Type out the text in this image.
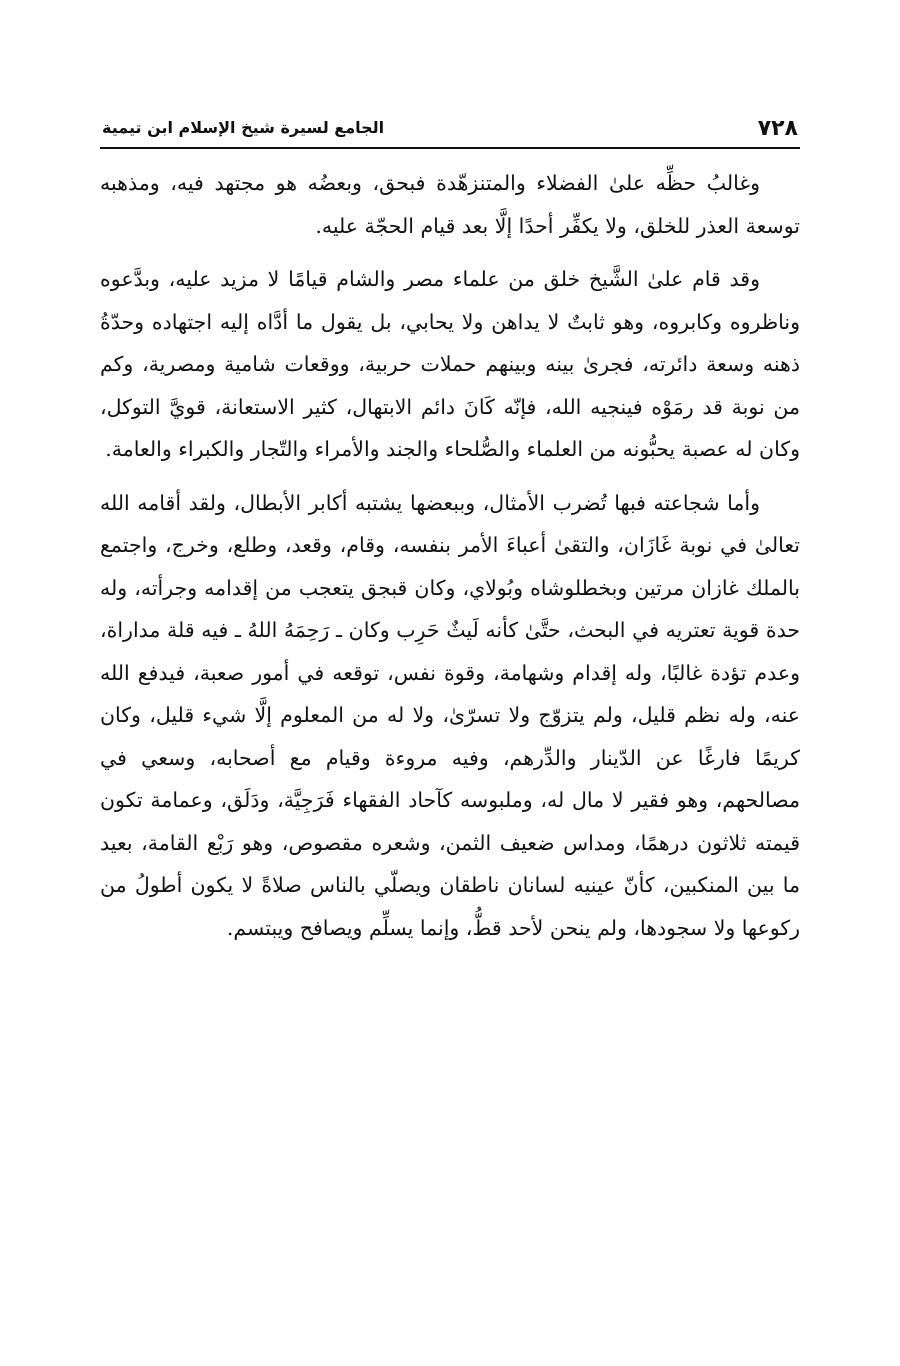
٧٢٨
الجامع لسيرة شيخ الإسلام ابن تيمية

وغالبُ حظِّه علىٰ الفضلاء والمتنزهّدة فبحق، وبعضُه هو مجتهد فيه، ومذهبه توسعة العذر للخلق، ولا يكفِّر أحدًا إلَّا بعد قيام الحجّة عليه.

وقد قام علىٰ الشَّيخ خلق من علماء مصر والشام قيامًا لا مزيد عليه، وبدَّعوه وناظروه وكابروه، وهو ثابتٌ لا يداهن ولا يحابي، بل يقول ما أدَّاه إليه اجتهاده وحدّةُ ذهنه وسعة دائرته، فجرىٰ بينه وبينهم حملات حربية، ووقعات شامية ومصرية، وكم من نوبة قد رمَوْه فينجيه الله، فإنّه كَانَ دائم الابتهال، كثير الاستعانة، قويَّ التوكل، وكان له عصبة يحبُّونه من العلماء والصُّلحاء والجند والأمراء والتّجار والكبراء والعامة.

وأما شجاعته فبها تُضرب الأمثال، وببعضها يشتبه أكابر الأبطال، ولقد أقامه الله تعالىٰ في نوبة غَازَان، والتقىٰ أعباءَ الأمر بنفسه، وقام، وقعد، وطلع، وخرج، واجتمع بالملك غازان مرتين وبخطلوشاه وبُولاي، وكان قبجق يتعجب من إقدامه وجرأته، وله حدة قوية تعتريه في البحث، حتَّىٰ كأنه لَيثٌ حَرِب وكان ـ رَحِمَهُ اللهُ ـ فيه قلة مداراة، وعدم تؤدة غالبًا، وله إقدام وشهامة، وقوة نفس، توقعه في أمور صعبة، فيدفع الله عنه، وله نظم قليل، ولم يتزوّج ولا تسرّىٰ، ولا له من المعلوم إلَّا شيء قليل، وكان كريمًا فارغًا عن الدّينار والدِّرهم، وفيه مروءة وقيام مع أصحابه، وسعي في مصالحهم، وهو فقير لا مال له، وملبوسه كآحاد الفقهاء فَرَجِيَّة، ودَلَق، وعمامة تكون قيمته ثلاثون درهمًا، ومداس ضعيف الثمن، وشعره مقصوص، وهو رَبْع القامة، بعيد ما بين المنكبين، كأنّ عينيه لسانان ناطقان ويصلّي بالناس صلاةً لا يكون أطولُ من ركوعها ولا سجودها، ولم ينحن لأحد قطُّ، وإنما يسلِّم ويصافح ويبتسم.
